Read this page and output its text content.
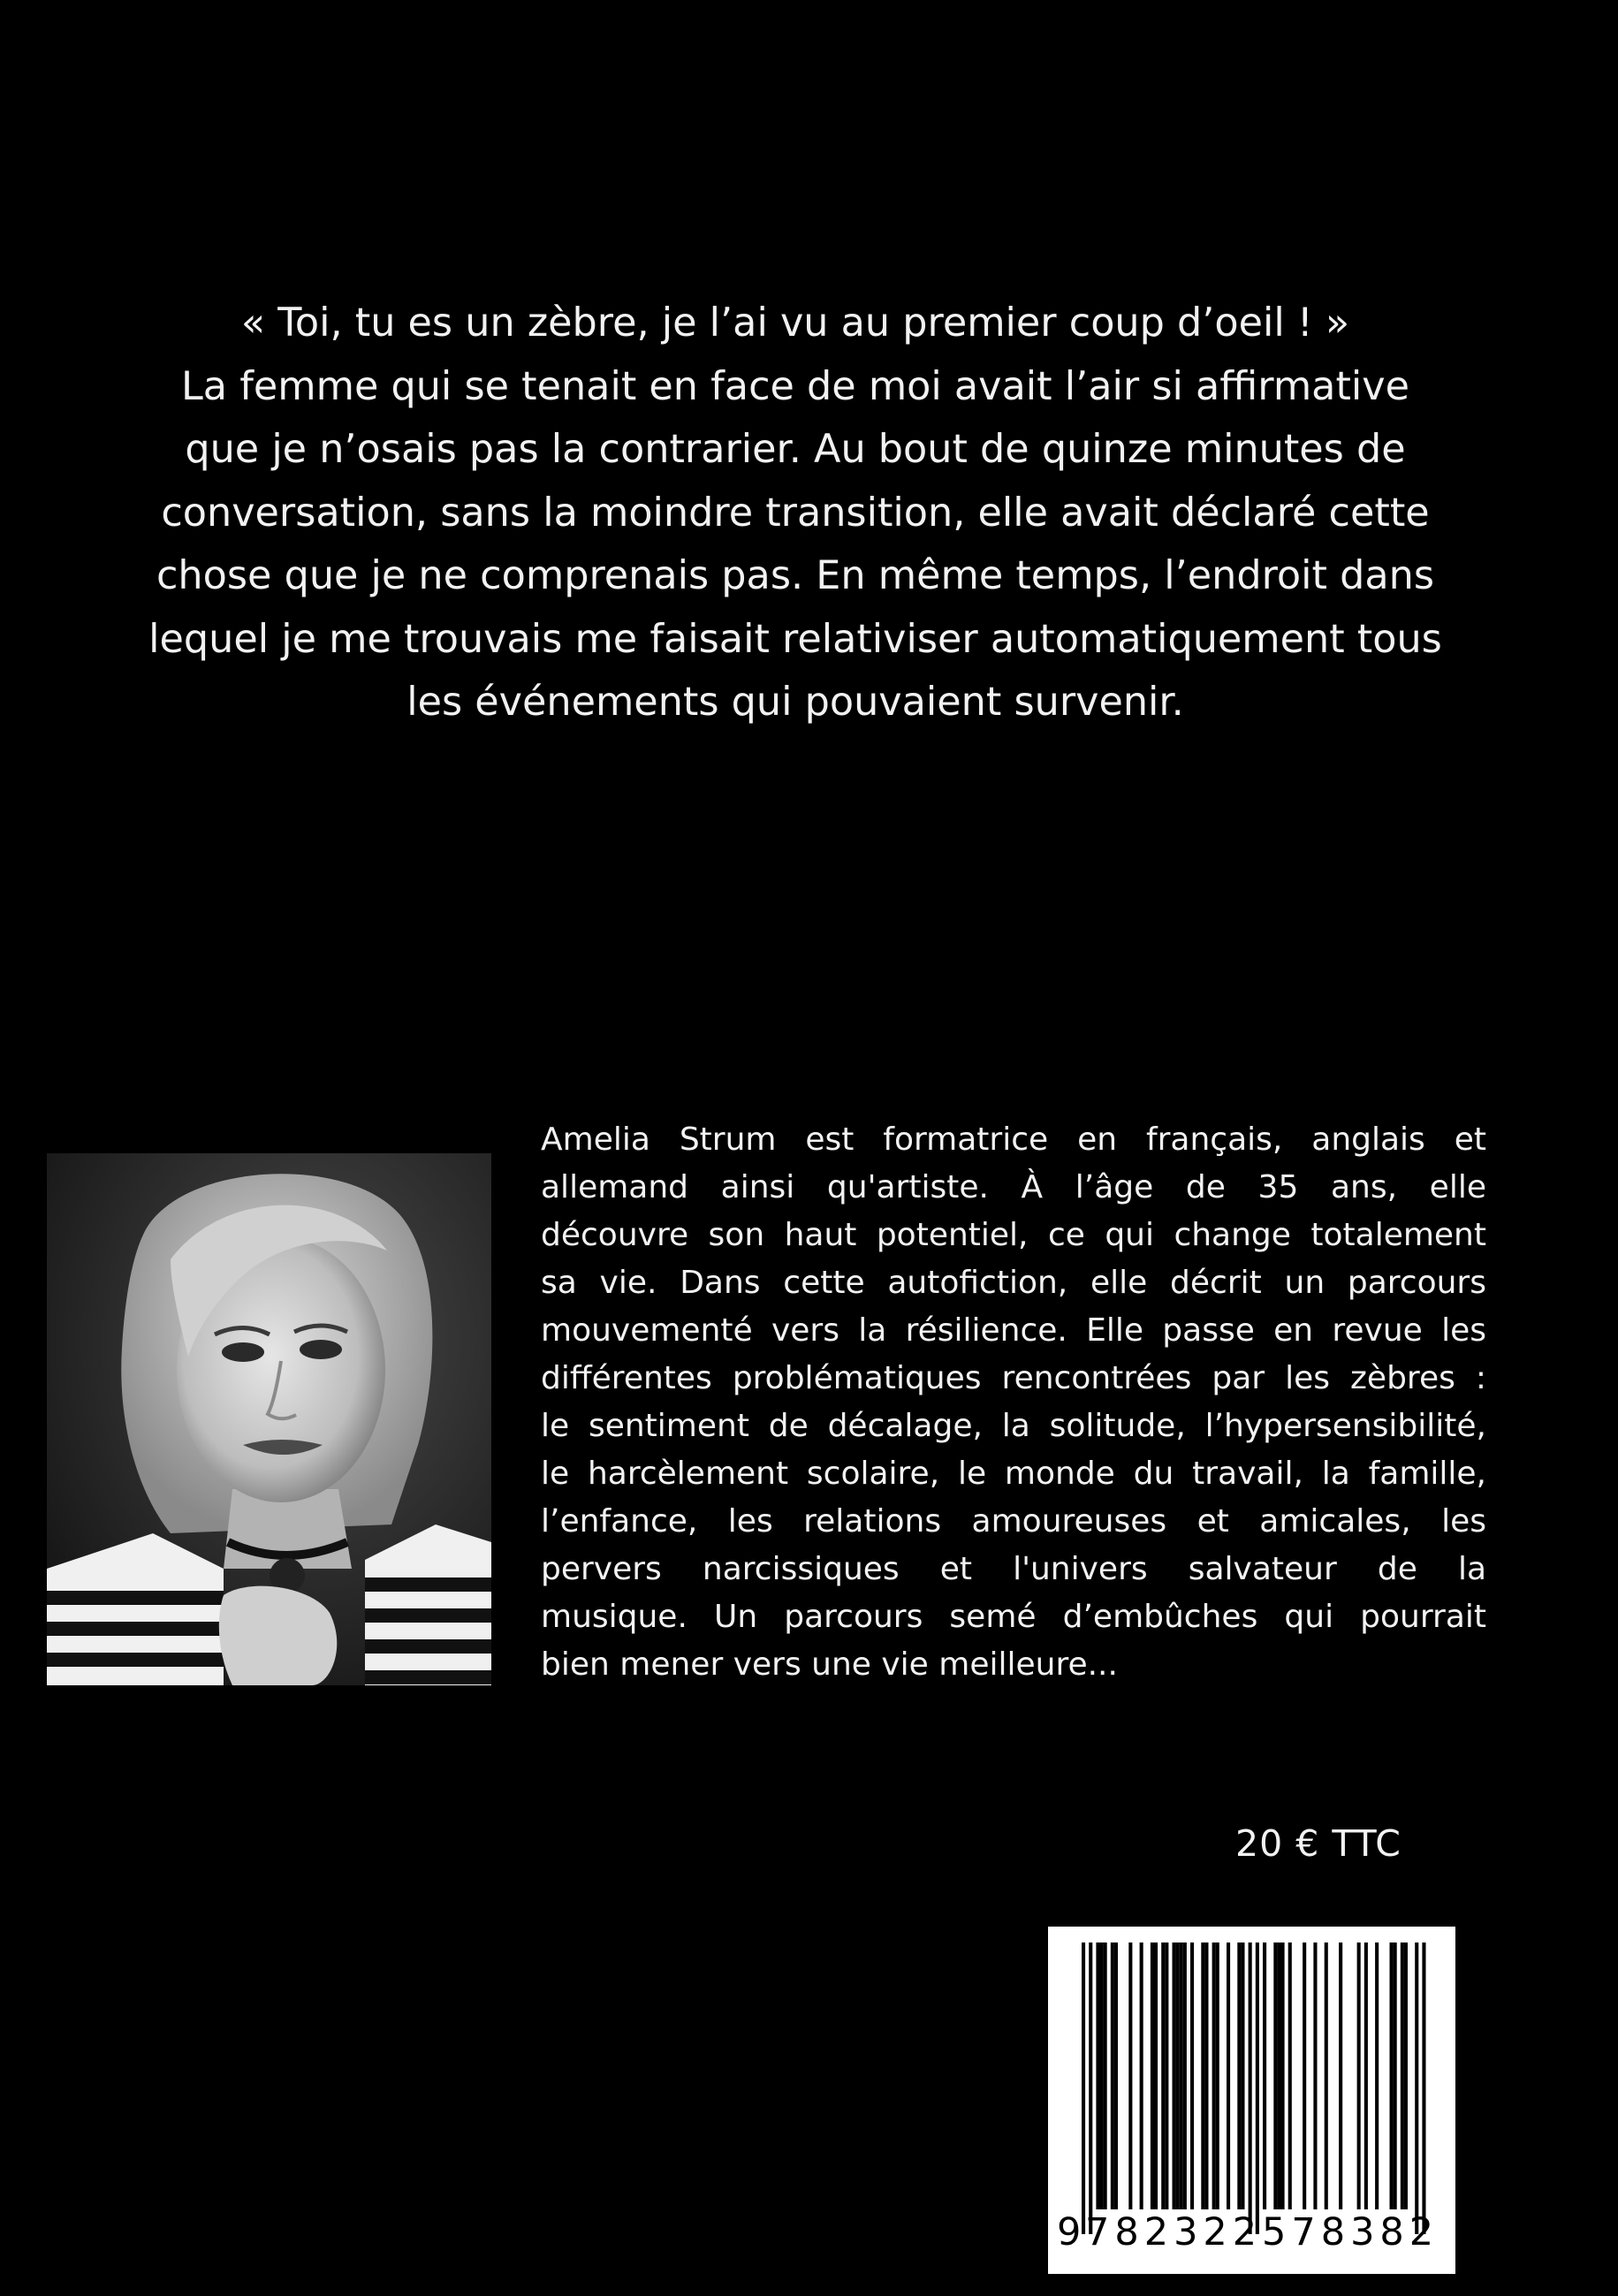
« Toi, tu es un zèbre, je l’ai vu au premier coup d’oeil ! »
La femme qui se tenait en face de moi avait l’air si affirmative
que je n’osais pas la contrarier. Au bout de quinze minutes de
conversation, sans la moindre transition, elle avait déclaré cette
chose que je ne comprenais pas. En même temps, l’endroit dans
lequel je me trouvais me faisait relativiser automatiquement tous
les événements qui pouvaient survenir.
Amelia Strum est formatrice en français, anglais et
allemand ainsi qu'artiste. À l’âge de 35 ans, elle
découvre son haut potentiel, ce qui change totalement
sa vie. Dans cette autofiction, elle décrit un parcours
mouvementé vers la résilience. Elle passe en revue les
différentes problématiques rencontrées par les zèbres :
le sentiment de décalage, la solitude, l’hypersensibilité,
le harcèlement scolaire, le monde du travail, la famille,
l’enfance, les relations amoureuses et amicales, les
pervers narcissiques et l'univers salvateur de la
musique. Un parcours semé d’embûches qui pourrait
bien mener vers une vie meilleure...
20 € TTC
9 782322 578382
